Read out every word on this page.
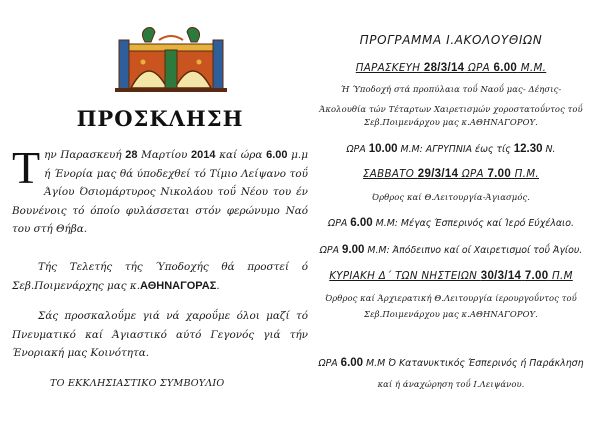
ΠΡΟΣΚΛΗΣΗ

Την Παρασκευή 28 Μαρτίου 2014 καί ώρα 6.00 μ.μ ή Ένορία μας θά ύποδεχθεί τό Τίμιο Λείψανο τοΰ Άγίου Όσιομάρτυρος Νικολάου τοΰ Νέου του έν Βουνένοις τό όποίο φυλάσσεται στόν φερώνυμο Ναό του στή Θήβα.

Τής Τελετής τής Ύποδοχής θά προστεί ό Σεβ.Ποιμενάρχης μας κ.ΑΘΗΝΑΓΟΡΑΣ.

Σάς προσκαλοΰμε γιά νά χαροΰμε όλοι μαζί τό Πνευματικό καί Άγιαστικό αύτό Γεγονός γιά τήν Ένοριακή μας Κοινότητα.

ΤΟ ΕΚΚΛΗΣΙΑΣΤΙΚΟ ΣΥΜΒΟΥΛΙΟ
ΠΡΟΓΡΑΜΜΑ Ι.ΑΚΟΛΟΥΘΙΩΝ
ΠΑΡΑΣΚΕΥΗ 28/3/14 ΩΡΑ 6.00 Μ.Μ.
Ή Ύποδοχή στά προπύλαια τοΰ Ναοΰ μας- Δέησις-
Άκολουθία τών Τέταρτων Χαιρετισμών χοροστατοΰντος τοΰ
Σεβ.Ποιμενάρχου μας κ.ΑΘΗΝΑΓΟΡΟΥ.
ΩΡΑ 10.00 Μ.Μ: ΑΓΡΥΠΝΙΑ έως τίς 12.30 Ν.
ΣΑΒΒΑΤΟ 29/3/14 ΩΡΑ 7.00 Π.Μ.
Όρθρος καί Θ.Λειτουργία-Άγιασμός.
ΩΡΑ 6.00 Μ.Μ: Μέγας Έσπερινός καί Ίερό Εύχέλαιο.
ΩΡΑ 9.00 Μ.Μ: Άπόδειπνο καί οί Χαιρετισμοί τοΰ Άγίου.
ΚΥΡΙΑΚΗ Δ΄ ΤΩΝ ΝΗΣΤΕΙΩΝ 30/3/14 7.00 Π.Μ
Όρθρος καί Άρχιερατική Θ.Λειτουργία ίερουργοΰντος τοΰ
Σεβ.Ποιμενάρχου μας κ.ΑΘΗΝΑΓΟΡΟΥ.
ΩΡΑ 6.00 Μ.Μ Ό Κατανυκτικός Έσπερινός ή Παράκληση
καί ή άναχώρηση τοΰ Ι.Λειψάνου.
